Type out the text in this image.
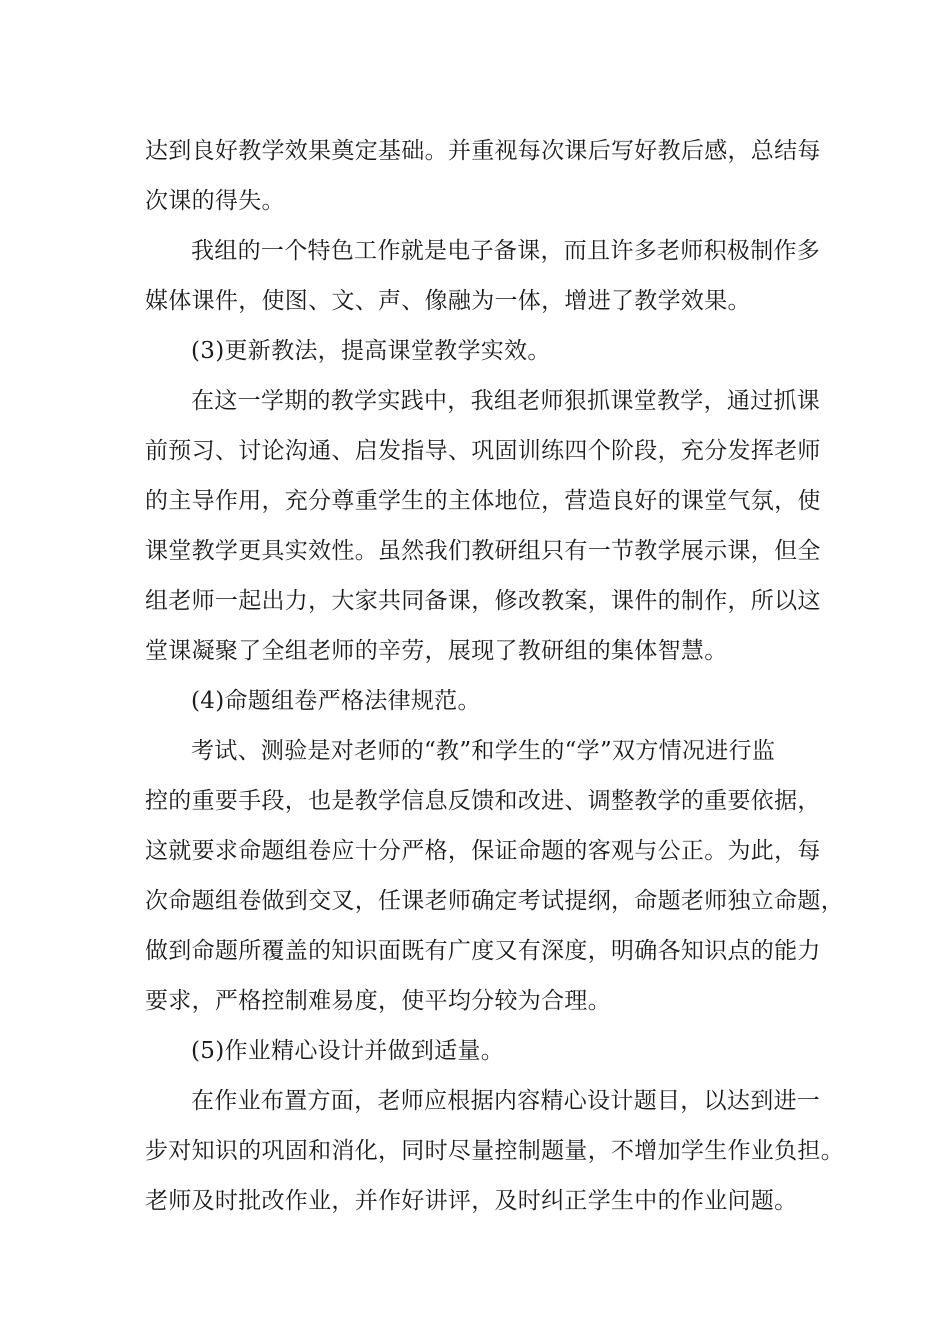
达到良好教学效果奠定基础。并重视每次课后写好教后感，总结每
次课的得失。
我组的一个特色工作就是电子备课，而且许多老师积极制作多
媒体课件，使图、文、声、像融为一体，增进了教学效果。
(3)更新教法，提高课堂教学实效。
在这一学期的教学实践中，我组老师狠抓课堂教学，通过抓课
前预习、讨论沟通、启发指导、巩固训练四个阶段，充分发挥老师
的主导作用，充分尊重学生的主体地位，营造良好的课堂气氛，使
课堂教学更具实效性。虽然我们教研组只有一节教学展示课，但全
组老师一起出力，大家共同备课，修改教案，课件的制作，所以这
堂课凝聚了全组老师的辛劳，展现了教研组的集体智慧。
(4)命题组卷严格法律规范。
考试、测验是对老师的“教”和学生的“学”双方情况进行监
控的重要手段，也是教学信息反馈和改进、调整教学的重要依据，
这就要求命题组卷应十分严格，保证命题的客观与公正。为此，每
次命题组卷做到交叉，任课老师确定考试提纲，命题老师独立命题，
做到命题所覆盖的知识面既有广度又有深度，明确各知识点的能力
要求，严格控制难易度，使平均分较为合理。
(5)作业精心设计并做到适量。
在作业布置方面，老师应根据内容精心设计题目，以达到进一
步对知识的巩固和消化，同时尽量控制题量，不增加学生作业负担。
老师及时批改作业，并作好讲评，及时纠正学生中的作业问题。
